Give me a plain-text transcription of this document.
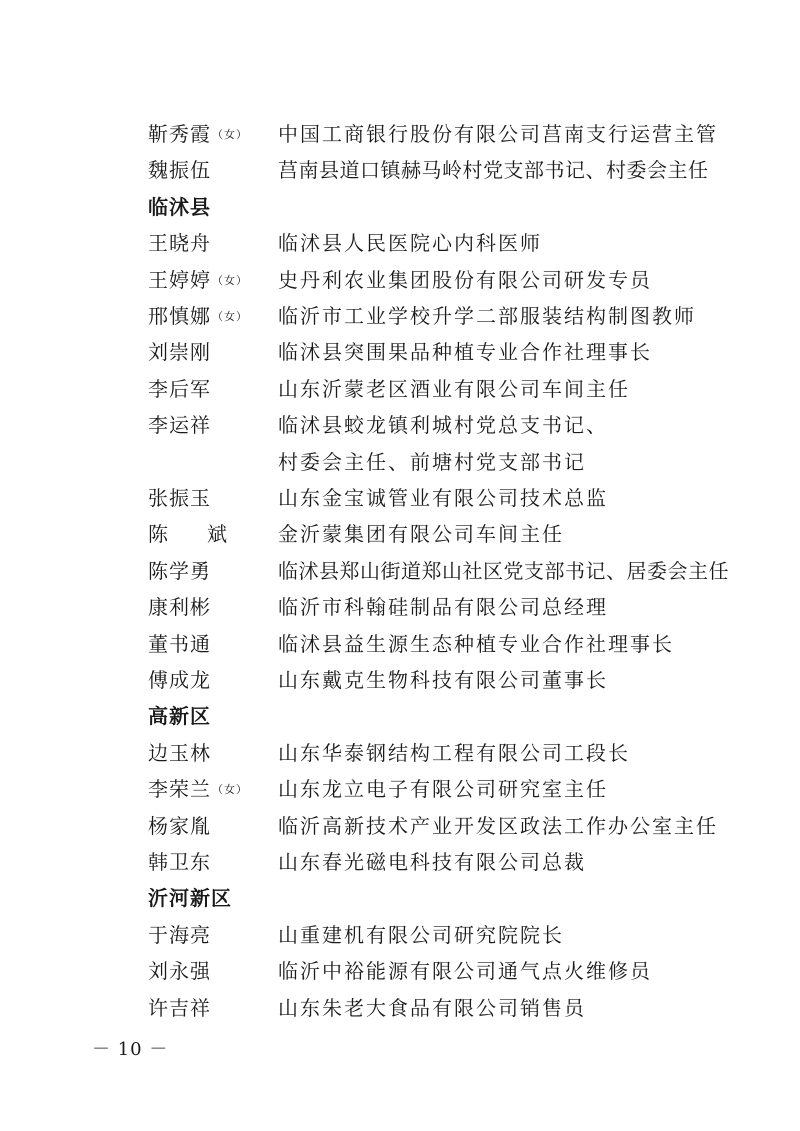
靳秀霞（女） 中国工商银行股份有限公司莒南支行运营主管
魏振伍	莒南县道口镇赫马岭村党支部书记、村委会主任
临沭县
王晓舟	临沭县人民医院心内科医师
王婷婷（女） 史丹利农业集团股份有限公司研发专员
邢慎娜（女） 临沂市工业学校升学二部服装结构制图教师
刘崇刚	临沭县突围果品种植专业合作社理事长
李后军	山东沂蒙老区酒业有限公司车间主任
李运祥	临沭县蛟龙镇利城村党总支书记、
村委会主任、前塘村党支部书记
张振玉	山东金宝诚管业有限公司技术总监
陈 斌	金沂蒙集团有限公司车间主任
陈学勇	临沭县郑山街道郑山社区党支部书记、居委会主任
康利彬	临沂市科翰硅制品有限公司总经理
董书通	临沭县益生源生态种植专业合作社理事长
傅成龙	山东戴克生物科技有限公司董事长
高新区
边玉林	山东华泰钢结构工程有限公司工段长
李荣兰（女） 山东龙立电子有限公司研究室主任
杨家胤	临沂高新技术产业开发区政法工作办公室主任
韩卫东	山东春光磁电科技有限公司总裁
沂河新区
于海亮	山重建机有限公司研究院院长
刘永强	临沂中裕能源有限公司通气点火维修员
许吉祥	山东朱老大食品有限公司销售员
－ 10 －
